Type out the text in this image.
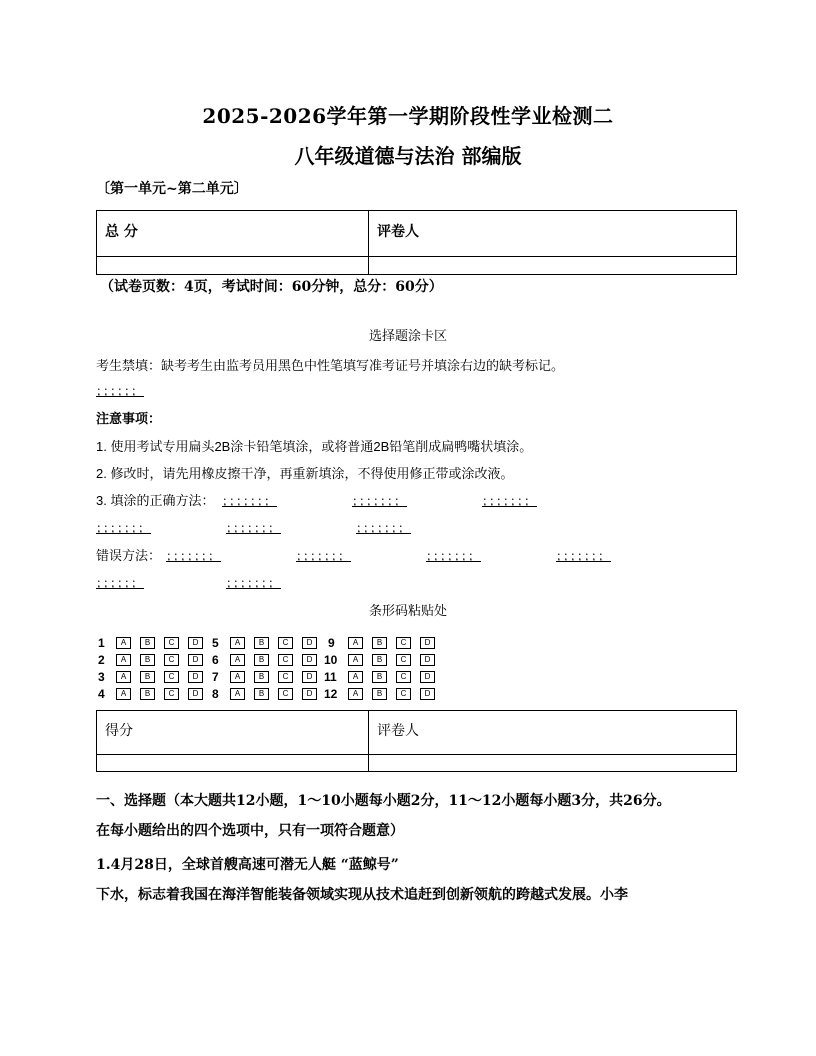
2025-2026学年第一学期阶段性学业检测二
八年级道德与法治 部编版
〔第一单元~第二单元〕
总 分	评卷人

（试卷页数：4页，考试时间：60分钟，总分：60分）
选择题涂卡区
考生禁填：缺考考生由监考员用黑色中性笔填写准考证号并填涂右边的缺考标记。
；；；；；；
注意事项：
1. 使用考试专用扁头2B涂卡铅笔填涂，或将普通2B铅笔削成扁鸭嘴状填涂。
2. 修改时，请先用橡皮擦干净，再重新填涂，不得使用修正带或涂改液。
3. 填涂的正确方法： ；；；；；；；	；；；；；；；	；；；；；；；
；；；；；；；	；；；；；；；	；；；；；；；
错误方法： ；；；；；；；	；；；；；；；	；；；；；；；	；；；；；；；
；；；；；；	；；；；；；；
条形码粘贴处
1	A	B	C	D	5	A	B	C	D	9	A	B	C	D
2	A	B	C	D	6	A	B	C	D 10	A	B	C	D
3	A	B	C	D	7	A	B	C	D 11	A	B	C	D
4	A	B	C	D	8	A	B	C	D 12	A	B	C	D
得分	评卷人

一、选择题（本大题共12小题，1～10小题每小题2分，11～12小题每小题3分，共26分。
在每小题给出的四个选项中，只有一项符合题意）
1.4月28日，全球首艘高速可潜无人艇 “蓝鲸号”
下水，标志着我国在海洋智能装备领域实现从技术追赶到创新领航的跨越式发展。小李
